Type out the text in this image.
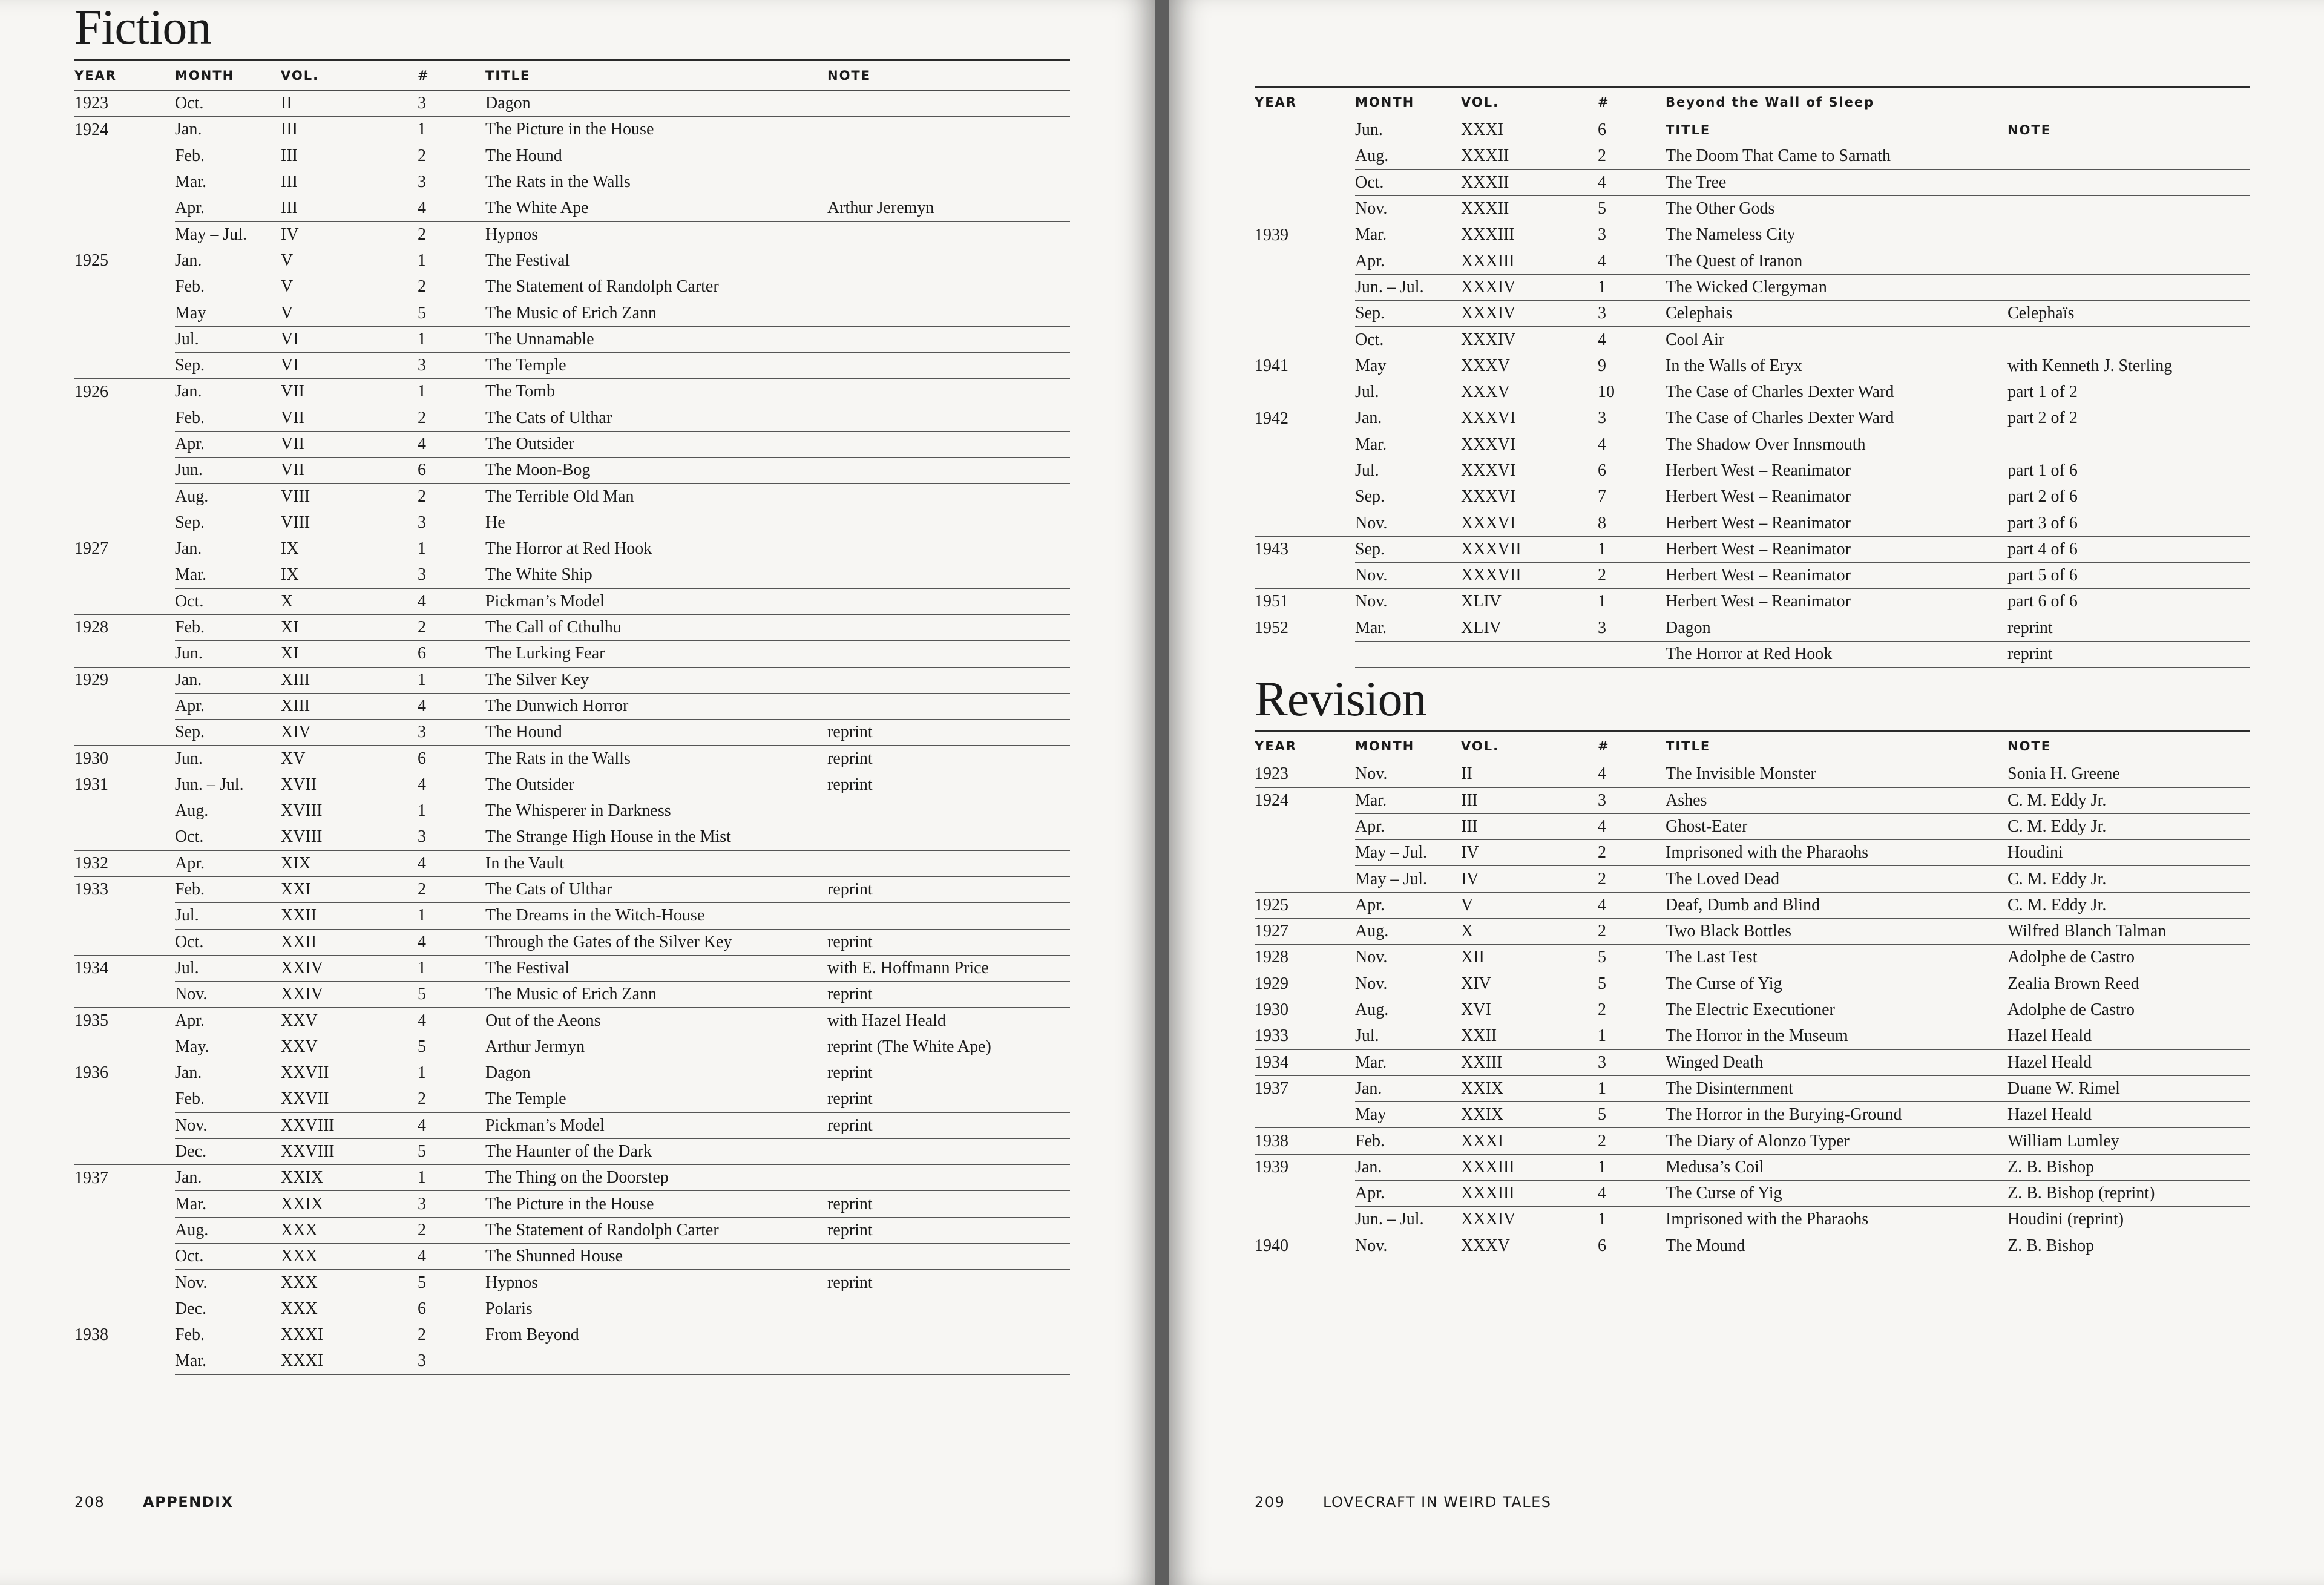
Fiction
YEAR	MONTH	VOL.	#	TITLE	NOTE
1923	Oct.	II	3	Dagon	
1924	Jan.	III	1	The Picture in the House	
	Feb.	III	2	The Hound	
	Mar.	III	3	The Rats in the Walls	
	Apr.	III	4	The White Ape	Arthur Jeremyn
	May – Jul.	IV	2	Hypnos	
1925	Jan.	V	1	The Festival	
	Feb.	V	2	The Statement of Randolph Carter	
	May	V	5	The Music of Erich Zann	
	Jul.	VI	1	The Unnamable	
	Sep.	VI	3	The Temple	
1926	Jan.	VII	1	The Tomb	
	Feb.	VII	2	The Cats of Ulthar	
	Apr.	VII	4	The Outsider	
	Jun.	VII	6	The Moon-Bog	
	Aug.	VIII	2	The Terrible Old Man	
	Sep.	VIII	3	He	
1927	Jan.	IX	1	The Horror at Red Hook	
	Mar.	IX	3	The White Ship	
	Oct.	X	4	Pickman’s Model	
1928	Feb.	XI	2	The Call of Cthulhu	
	Jun.	XI	6	The Lurking Fear	
1929	Jan.	XIII	1	The Silver Key	
	Apr.	XIII	4	The Dunwich Horror	
	Sep.	XIV	3	The Hound	reprint
1930	Jun.	XV	6	The Rats in the Walls	reprint
1931	Jun. – Jul.	XVII	4	The Outsider	reprint
	Aug.	XVIII	1	The Whisperer in Darkness	
	Oct.	XVIII	3	The Strange High House in the Mist	
1932	Apr.	XIX	4	In the Vault	
1933	Feb.	XXI	2	The Cats of Ulthar	reprint
	Jul.	XXII	1	The Dreams in the Witch-House	
	Oct.	XXII	4	Through the Gates of the Silver Key	reprint
1934	Jul.	XXIV	1	The Festival	with E. Hoffmann Price
	Nov.	XXIV	5	The Music of Erich Zann	reprint
1935	Apr.	XXV	4	Out of the Aeons	with Hazel Heald
	May.	XXV	5	Arthur Jermyn	reprint (The White Ape)
1936	Jan.	XXVII	1	Dagon	reprint
	Feb.	XXVII	2	The Temple	reprint
	Nov.	XXVIII	4	Pickman’s Model	reprint
	Dec.	XXVIII	5	The Haunter of the Dark	
1937	Jan.	XXIX	1	The Thing on the Doorstep	
	Mar.	XXIX	3	The Picture in the House	reprint
	Aug.	XXX	2	The Statement of Randolph Carter	reprint
	Oct.	XXX	4	The Shunned House	
	Nov.	XXX	5	Hypnos	reprint
	Dec.	XXX	6	Polaris	
1938	Feb.	XXXI	2	From Beyond	
	Mar.	XXXI	3		
208	APPENDIX
YEAR	MONTH	VOL.	#	Beyond the Wall of Sleep	
	Jun.	XXXI	6	TITLE	NOTE
	Aug.	XXXII	2	The Doom That Came to Sarnath	
	Oct.	XXXII	4	The Tree	
	Nov.	XXXII	5	The Other Gods	
1939	Mar.	XXXIII	3	The Nameless City	
	Apr.	XXXIII	4	The Quest of Iranon	
	Jun. – Jul.	XXXIV	1	The Wicked Clergyman	
	Sep.	XXXIV	3	Celephais	Celephaïs
	Oct.	XXXIV	4	Cool Air	
1941	May	XXXV	9	In the Walls of Eryx	with Kenneth J. Sterling
	Jul.	XXXV	10	The Case of Charles Dexter Ward	part 1 of 2
1942	Jan.	XXXVI	3	The Case of Charles Dexter Ward	part 2 of 2
	Mar.	XXXVI	4	The Shadow Over Innsmouth	
	Jul.	XXXVI	6	Herbert West – Reanimator	part 1 of 6
	Sep.	XXXVI	7	Herbert West – Reanimator	part 2 of 6
	Nov.	XXXVI	8	Herbert West – Reanimator	part 3 of 6
1943	Sep.	XXXVII	1	Herbert West – Reanimator	part 4 of 6
	Nov.	XXXVII	2	Herbert West – Reanimator	part 5 of 6
1951	Nov.	XLIV	1	Herbert West – Reanimator	part 6 of 6
1952	Mar.	XLIV	3	Dagon	reprint
				The Horror at Red Hook	reprint
Revision
YEAR	MONTH	VOL.	#	TITLE	NOTE
1923	Nov.	II	4	The Invisible Monster	Sonia H. Greene
1924	Mar.	III	3	Ashes	C. M. Eddy Jr.
	Apr.	III	4	Ghost-Eater	C. M. Eddy Jr.
	May – Jul.	IV	2	Imprisoned with the Pharaohs	Houdini
	May – Jul.	IV	2	The Loved Dead	C. M. Eddy Jr.
1925	Apr.	V	4	Deaf, Dumb and Blind	C. M. Eddy Jr.
1927	Aug.	X	2	Two Black Bottles	Wilfred Blanch Talman
1928	Nov.	XII	5	The Last Test	Adolphe de Castro
1929	Nov.	XIV	5	The Curse of Yig	Zealia Brown Reed
1930	Aug.	XVI	2	The Electric Executioner	Adolphe de Castro
1933	Jul.	XXII	1	The Horror in the Museum	Hazel Heald
1934	Mar.	XXIII	3	Winged Death	Hazel Heald
1937	Jan.	XXIX	1	The Disinternment	Duane W. Rimel
	May	XXIX	5	The Horror in the Burying-Ground	Hazel Heald
1938	Feb.	XXXI	2	The Diary of Alonzo Typer	William Lumley
1939	Jan.	XXXIII	1	Medusa’s Coil	Z. B. Bishop
	Apr.	XXXIII	4	The Curse of Yig	Z. B. Bishop (reprint)
	Jun. – Jul.	XXXIV	1	Imprisoned with the Pharaohs	Houdini (reprint)
1940	Nov.	XXXV	6	The Mound	Z. B. Bishop
209	LOVECRAFT IN WEIRD TALES
